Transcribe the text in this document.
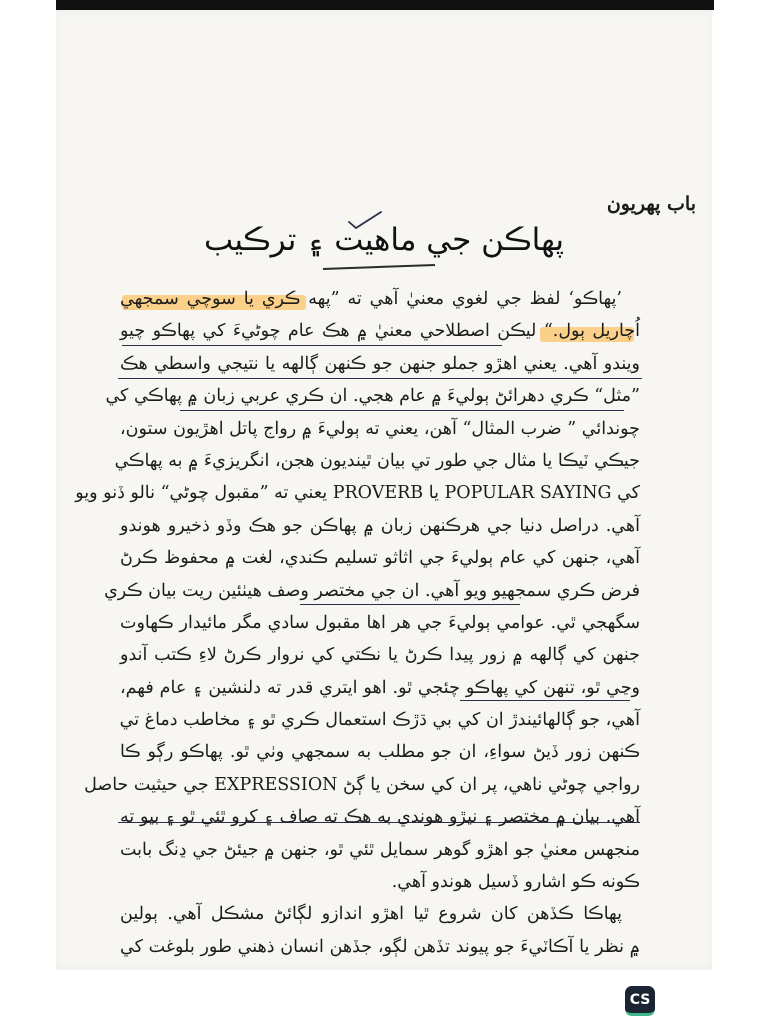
باب پھريون
پهاڪن جي ماهيت ۽ ترڪيب
’پهاڪو‘ لفظ جي لغوي معنيٰ آهي ته ”پهه ڪري يا سوچي سمجهي
اُچاريل ٻول.“ ليڪن اصطلاحي معنيٰ ۾ هڪ عام چوڻيءَ کي پهاڪو چيو
ويندو آهي. يعني اهڙو جملو جنهن جو ڪنهن ڳالهه يا نتيجي واسطي هڪ
”مثل“ ڪري دهرائڻ ٻوليءَ ۾ عام هجي. ان ڪري عربي زبان ۾ پهاڪي کي
چوندائي ” ضرب المثال“ آهن، يعني ته ٻوليءَ ۾ رواج پاتل اهڙيون ستون،
جيڪي ٽيڪا يا مثال جي طور تي بيان ٿينديون هجن، انگريزيءَ ۾ به پهاڪي
کي POPULAR SAYING يا PROVERB يعني ته ”مقبول چوڻي“ نالو ڏنو ويو
آهي. دراصل دنيا جي هرڪنهن زبان ۾ پهاڪن جو هڪ وڏو ذخيرو هوندو
آهي، جنهن کي عام ٻوليءَ جي اثاثو تسليم ڪندي، لغت ۾ محفوظ ڪرڻ
فرض ڪري سمجهيو ويو آهي. ان جي مختصر وصف هيٺئين ريت بيان ڪري
سگهجي ٿي. عوامي ٻوليءَ جي هر اها مقبول سادي مگر مائيدار ڪهاوت
جنهن کي ڳالهه ۾ زور پيدا ڪرڻ يا نڪتي کي نروار ڪرڻ لاءِ ڪتب آندو
وڃي ٿو، تنهن کي پهاڪو چئجي ٿو. اهو ايتري قدر ته دلنشين ۽ عام فهم،
آهي، جو ڳالهائيندڙ ان کي بي ڌڙڪ استعمال ڪري ٿو ۽ مخاطب دماغ تي
ڪنهن زور ڏيڻ سواءِ، ان جو مطلب به سمجهي وٺي ٿو. پهاڪو رڳو ڪا
رواجي چوڻي ناهي، پر ان کي سخن يا ڳڻ EXPRESSION جي حيثيت حاصل
آهي. بيان ۾ مختصر ۽ نيڙو هوندي به هڪ ته صاف ۽ کرو ٿئي ٿو ۽ بيو ته
منجهس معنيٰ جو اهڙو گوهر سمايل ٿئي ٿو، جنهن ۾ جيئڻ جي ڍنگ بابت
ڪونه ڪو اشارو ڏسيل هوندو آهي.
پهاڪا ڪڏهن کان شروع ٿيا اهڙو اندازو لڳائڻ مشڪل آهي. ٻولين
۾ نظر يا آڪاٽيءَ جو پيوند تڏهن لڳو، جڏهن انسان ذهني طور بلوغت کي
CS
